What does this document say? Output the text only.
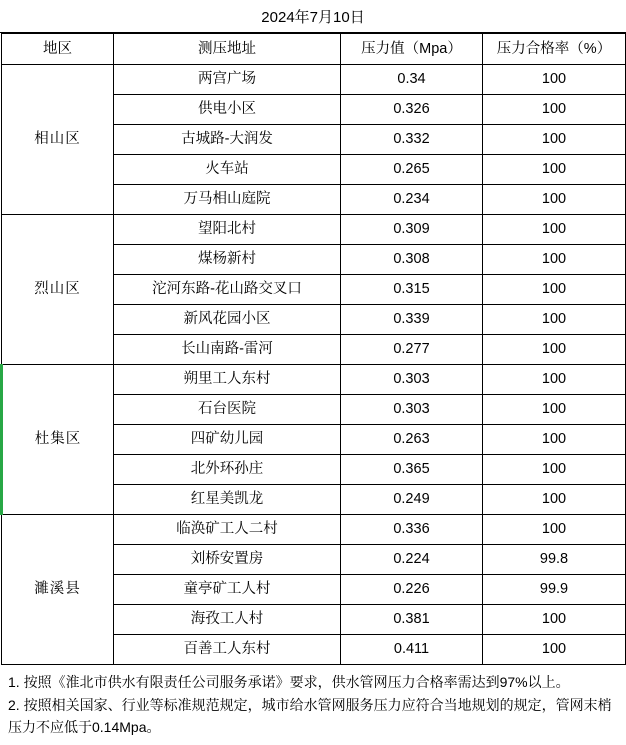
2024年7月10日
地区	测压地址	压力值（Mpa）	压力合格率（%）
相山区	两宫广场	0.34	100
	供电小区	0.326	100
	古城路-大润发	0.332	100
	火车站	0.265	100
	万马相山庭院	0.234	100
烈山区	望阳北村	0.309	100
	煤杨新村	0.308	100
	沱河东路-花山路交叉口	0.315	100
	新风花园小区	0.339	100
	长山南路-雷河	0.277	100
杜集区	朔里工人东村	0.303	100
	石台医院	0.303	100
	四矿幼儿园	0.263	100
	北外环孙庄	0.365	100
	红星美凯龙	0.249	100
濉溪县	临涣矿工人二村	0.336	100
	刘桥安置房	0.224	99.8
	童亭矿工人村	0.226	99.9
	海孜工人村	0.381	100
	百善工人东村	0.411	100

1. 按照《淮北市供水有限责任公司服务承诺》要求，供水管网压力合格率需达到97%以上。

2. 按照相关国家、行业等标准规范规定，城市给水管网服务压力应符合当地规划的规定，管网末梢压力不应低于0.14Mpa。
